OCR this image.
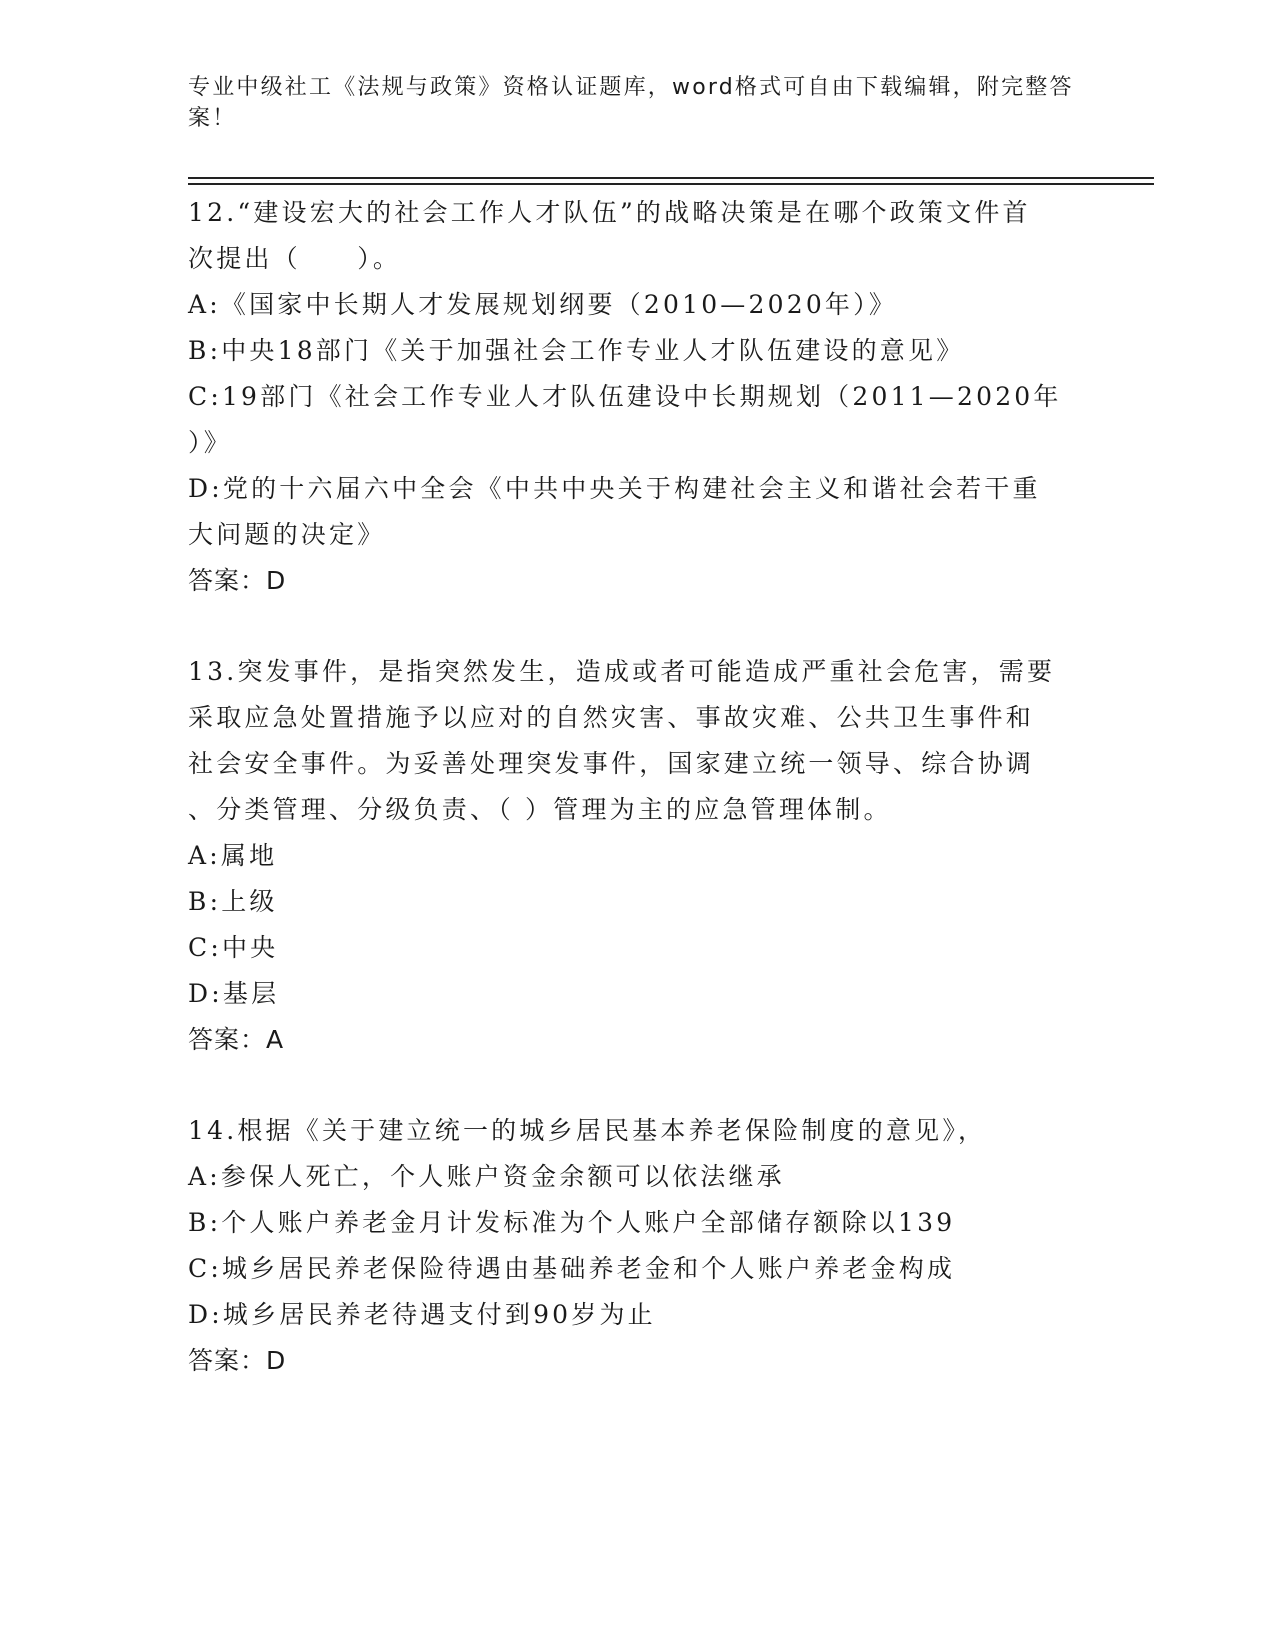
专业中级社工《法规与政策》资格认证题库，word格式可自由下载编辑，附完整答案！
12.“建设宏大的社会工作人才队伍”的战略决策是在哪个政策文件首
次提出（　　）。
A:《国家中长期人才发展规划纲要（2010—2020年）》
B:中央18部门《关于加强社会工作专业人才队伍建设的意见》
C:19部门《社会工作专业人才队伍建设中长期规划（2011—2020年
）》
D:党的十六届六中全会《中共中央关于构建社会主义和谐社会若干重
大问题的决定》
答案：D
13.突发事件，是指突然发生，造成或者可能造成严重社会危害，需要
采取应急处置措施予以应对的自然灾害、事故灾难、公共卫生事件和
社会安全事件。为妥善处理突发事件，国家建立统一领导、综合协调
、分类管理、分级负责、（ ）管理为主的应急管理体制。
A:属地
B:上级
C:中央
D:基层
答案：A
14.根据《关于建立统一的城乡居民基本养老保险制度的意见》，
A:参保人死亡，个人账户资金余额可以依法继承
B:个人账户养老金月计发标准为个人账户全部储存额除以139
C:城乡居民养老保险待遇由基础养老金和个人账户养老金构成
D:城乡居民养老待遇支付到90岁为止
答案：D
